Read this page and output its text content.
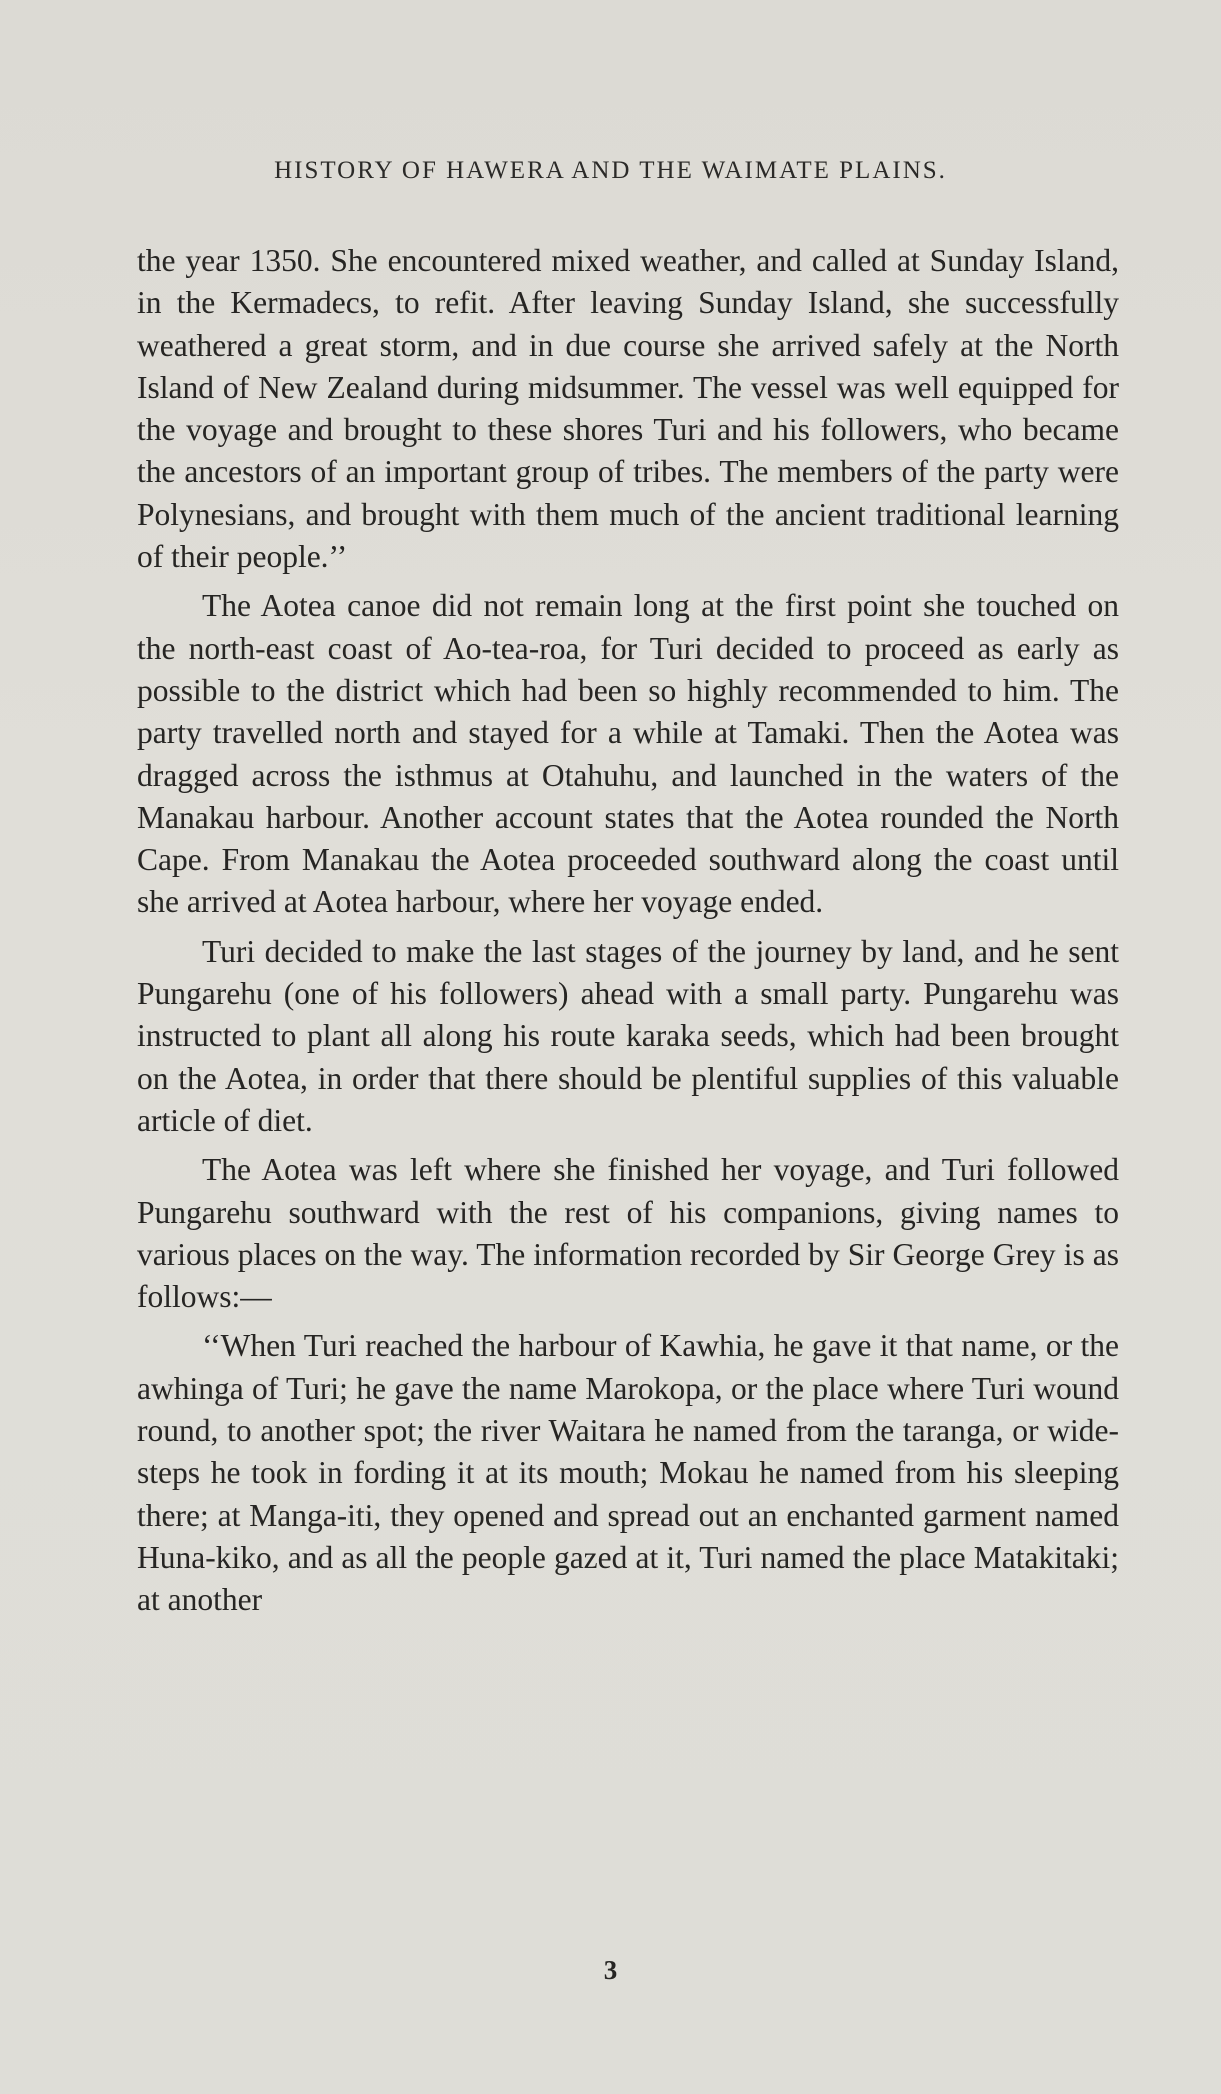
HISTORY OF HAWERA AND THE WAIMATE PLAINS.

the year 1350. She encountered mixed weather, and called at Sunday Island, in the Kermadecs, to refit. After leaving Sunday Island, she successfully weathered a great storm, and in due course she arrived safely at the North Island of New Zealand during midsummer. The vessel was well equipped for the voyage and brought to these shores Turi and his followers, who became the ancestors of an important group of tribes. The members of the party were Polynesians, and brought with them much of the ancient traditional learning of their people.’’

The Aotea canoe did not remain long at the first point she touched on the north-east coast of Ao-tea-roa, for Turi decided to proceed as early as possible to the district which had been so highly recommended to him. The party travelled north and stayed for a while at Tamaki. Then the Aotea was dragged across the isthmus at Otahuhu, and launched in the waters of the Manakau harbour. Another account states that the Aotea rounded the North Cape. From Manakau the Aotea proceeded southward along the coast until she arrived at Aotea harbour, where her voyage ended.

Turi decided to make the last stages of the journey by land, and he sent Pungarehu (one of his followers) ahead with a small party. Pungarehu was instructed to plant all along his route karaka seeds, which had been brought on the Aotea, in order that there should be plentiful supplies of this valuable article of diet.

The Aotea was left where she finished her voyage, and Turi followed Pungarehu southward with the rest of his companions, giving names to various places on the way. The information recorded by Sir George Grey is as follows:—

‘‘When Turi reached the harbour of Kawhia, he gave it that name, or the awhinga of Turi; he gave the name Marokopa, or the place where Turi wound round, to another spot; the river Waitara he named from the taranga, or wide-steps he took in fording it at its mouth; Mokau he named from his sleeping there; at Manga-iti, they opened and spread out an enchanted garment named Huna-kiko, and as all the people gazed at it, Turi named the place Matakitaki; at another

3
